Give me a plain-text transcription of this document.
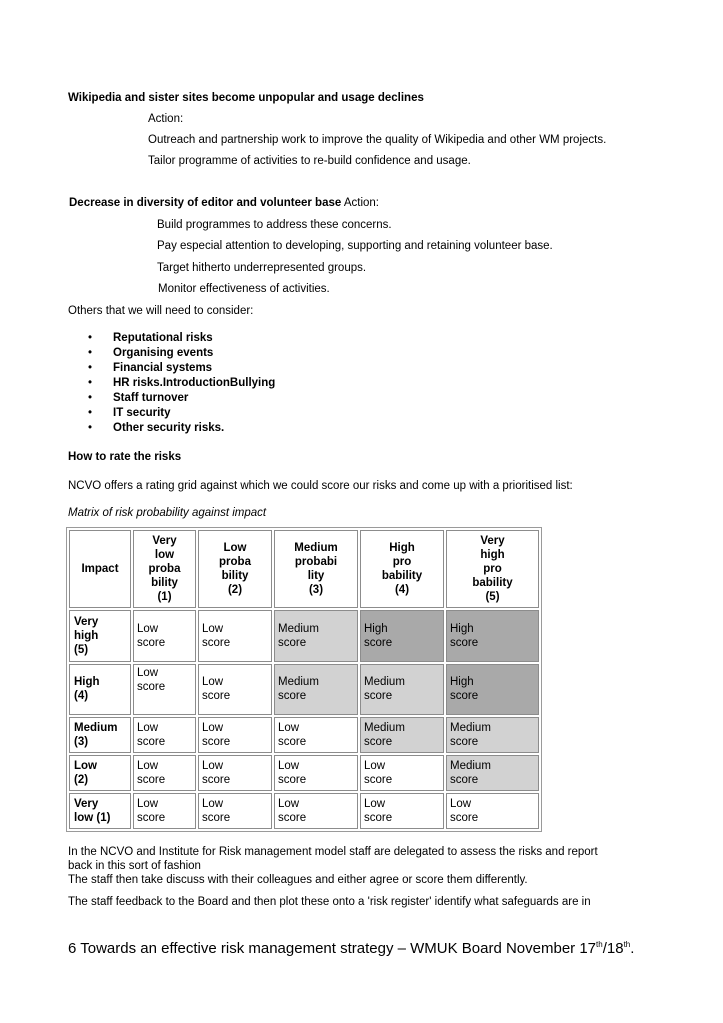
Wikipedia and sister sites become unpopular and usage declines
Action:
Outreach and partnership work to improve the quality of Wikipedia and other WM projects.
Tailor programme of activities to re-build confidence and usage.
Decrease in diversity of editor and volunteer base Action:
Build programmes to address these concerns.
Pay especial attention to developing, supporting and retaining volunteer base.
Target hitherto underrepresented groups.
Monitor effectiveness of activities.
Others that we will need to consider:
• Reputational risks
• Organising events
• Financial systems
• HR risks.IntroductionBullying
• Staff turnover
• IT security
• Other security risks.
How to rate the risks
NCVO offers a rating grid against which we could score our risks and come up with a prioritised list:
Matrix of risk probability against impact
Impact	Very
low
proba
bility
(1)	Low
proba
bility
(2)	Medium
probabi
lity
(3)	High
pro
bability
(4)	Very
high
pro
bability
(5)
Very
high
(5)	Low
score	Low
score	Medium
score	High
score	High
score
High
(4)	Low
score	Low
score	Medium
score	Medium
score	High
score
Medium
(3)	Low
score	Low
score	Low
score	Medium
score	Medium
score
Low
(2)	Low
score	Low
score	Low
score	Low
score	Medium
score
Very
low (1)	Low
score	Low
score	Low
score	Low
score	Low
score
In the NCVO and Institute for Risk management model staff are delegated to assess the risks and report
back in this sort of fashion
The staff then take discuss with their colleagues and either agree or score them differently.
The staff feedback to the Board and then plot these onto a 'risk register' identify what safeguards are in
6 Towards an effective risk management strategy – WMUK Board November 17th/18th.
